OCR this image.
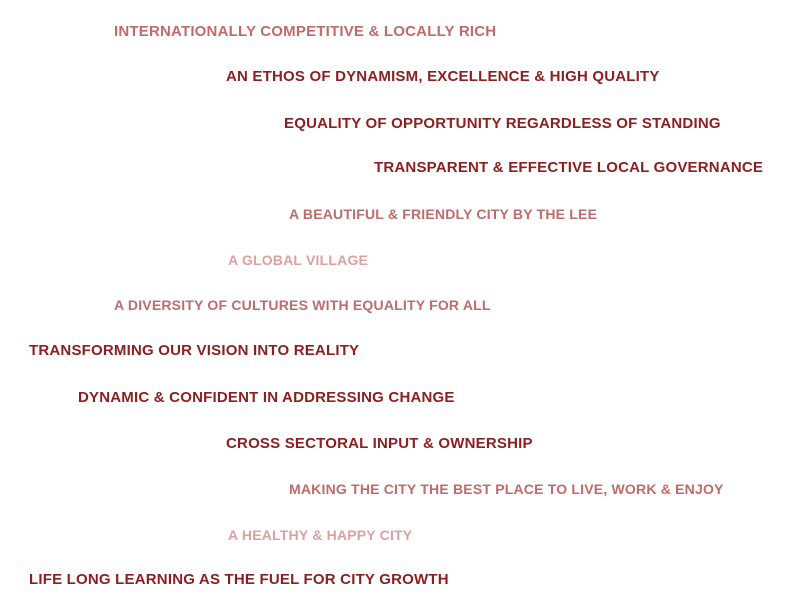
INTERNATIONALLY COMPETITIVE & LOCALLY RICH
AN ETHOS OF DYNAMISM, EXCELLENCE & HIGH QUALITY
EQUALITY OF OPPORTUNITY REGARDLESS OF STANDING
TRANSPARENT & EFFECTIVE LOCAL GOVERNANCE
A BEAUTIFUL & FRIENDLY CITY BY THE LEE
A GLOBAL VILLAGE
A DIVERSITY OF CULTURES WITH EQUALITY FOR ALL
TRANSFORMING OUR VISION INTO REALITY
DYNAMIC & CONFIDENT IN ADDRESSING CHANGE
CROSS SECTORAL INPUT & OWNERSHIP
MAKING THE CITY THE BEST PLACE TO LIVE, WORK & ENJOY
A HEALTHY & HAPPY CITY
LIFE LONG LEARNING AS THE FUEL FOR CITY GROWTH
